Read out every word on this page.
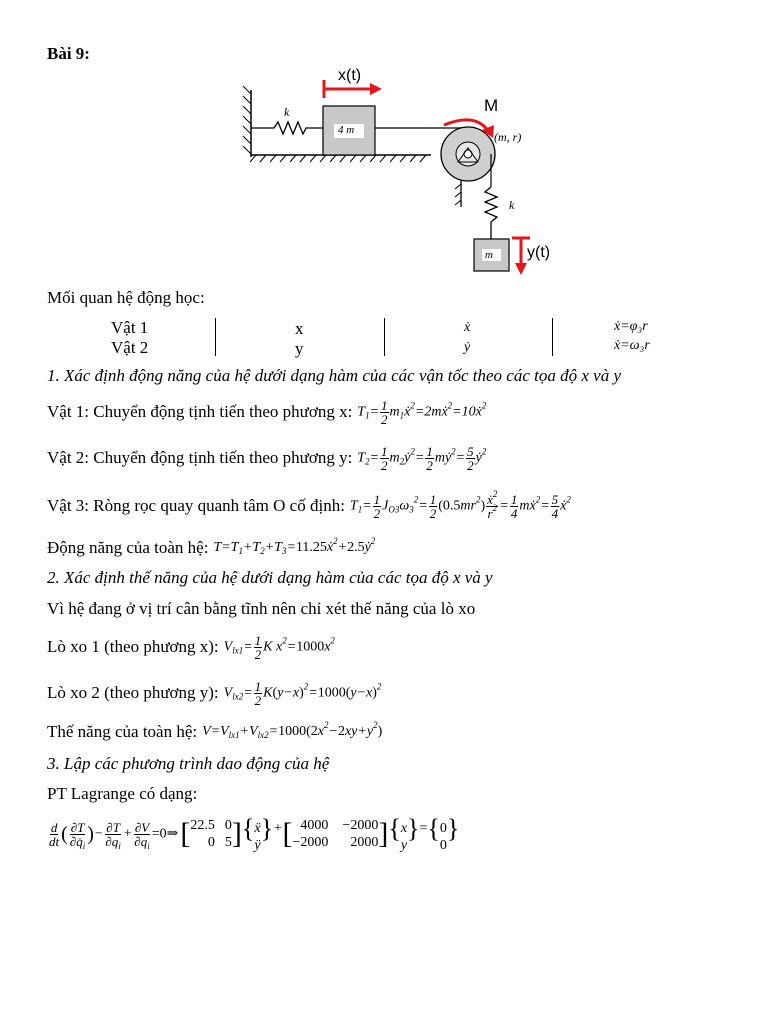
Bài 9:
x(t)
M
k
k
4 m
m
(m, r)
y(t)
Mối quan hệ động học:
Vật 1	x	ẋ	ẋ=φ₃r
Vật 2	y	ẏ	ẋ=ω₃r
1. Xác định động năng của hệ dưới dạng hàm của các vận tốc theo các tọa độ x và y
Vật 1: Chuyển động tịnh tiến theo phương x: $T_1= \frac{1}{2}$ $m_1ẋ^2=2mẋ^2=10ẋ^2$
Vật 2: Chuyển động tịnh tiến theo phương y: $T_2= \frac{1}{2}$ $m_2ẏ^2= \frac{1}{2}$ mẏ$^2$= $\frac{5}{2}$ ẏ$^2$
Vật 3: Ròng rọc quay quanh tâm O cố định: $T_1= \frac{1}{2} J_{O3}\omega_3^2= \frac{1}{2} (0.5mr^2) \frac{ẋ^2}{r^2} = \frac{1}{4}$ mẋ$^2$= $\frac{5}{4}$ ẋ$^2$
Động năng của toàn hệ: $T=T_1+T_2+T_3=11.25ẋ^2+2.5ẏ^2$
2. Xác định thế năng của hệ dưới dạng hàm của các tọa độ x và y
Vì hệ đang ở vị trí cân bằng tĩnh nên chỉ xét thế năng của lò xo
Lò xo 1 (theo phương x): $V_{lx1}= \frac{1}{2}$ K $x^2=1000x^2$
Lò xo 2 (theo phương y): $V_{lx2}= \frac{1}{2} K(y-x)^2=1000(y-x)^2$
Thế năng của toàn hệ: $V=V_{lx1}+V_{lx2}=1000(2x^2-2xy+y^2)$
3. Lập các phương trình dao động của hệ
PT Lagrange có dạng:
$\frac{d}{dt}$ ( $\frac{\partial T}{\partial q̇_i}$ )− $\frac{\partial T}{\partial q_i} + \frac{\partial V}{\partial q_i}$ =0⇒ [ 22.5 0
0 5 ] { ẍ
ÿ
}+ [ 4000 −2000
−2000	2000 ] { x
y
}={ 0
0
}
